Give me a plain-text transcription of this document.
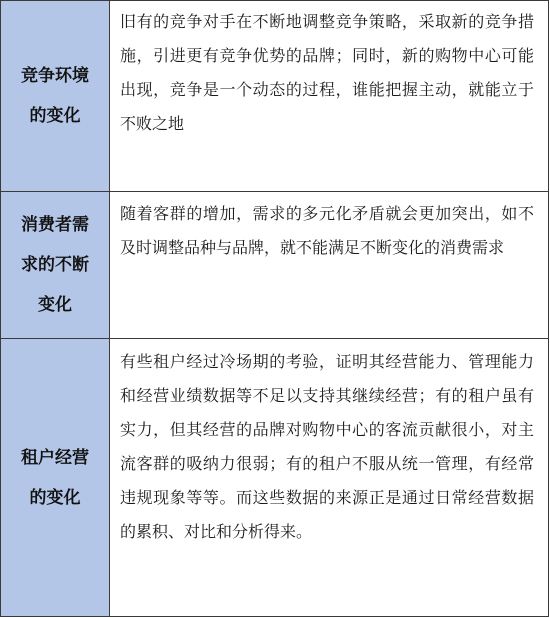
竞争环境的变化
旧有的竞争对手在不断地调整竞争策略，采取新的竞争措施，引进更有竞争优势的品牌；同时，新的购物中心可能出现，竞争是一个动态的过程，谁能把握主动，就能立于不败之地
消费者需求的不断变化
随着客群的增加，需求的多元化矛盾就会更加突出，如不及时调整品种与品牌，就不能满足不断变化的消费需求
租户经营的变化
有些租户经过冷场期的考验，证明其经营能力、管理能力和经营业绩数据等不足以支持其继续经营；有的租户虽有实力，但其经营的品牌对购物中心的客流贡献很小，对主流客群的吸纳力很弱；有的租户不服从统一管理，有经常违规现象等等。而这些数据的来源正是通过日常经营数据的累积、对比和分析得来。
